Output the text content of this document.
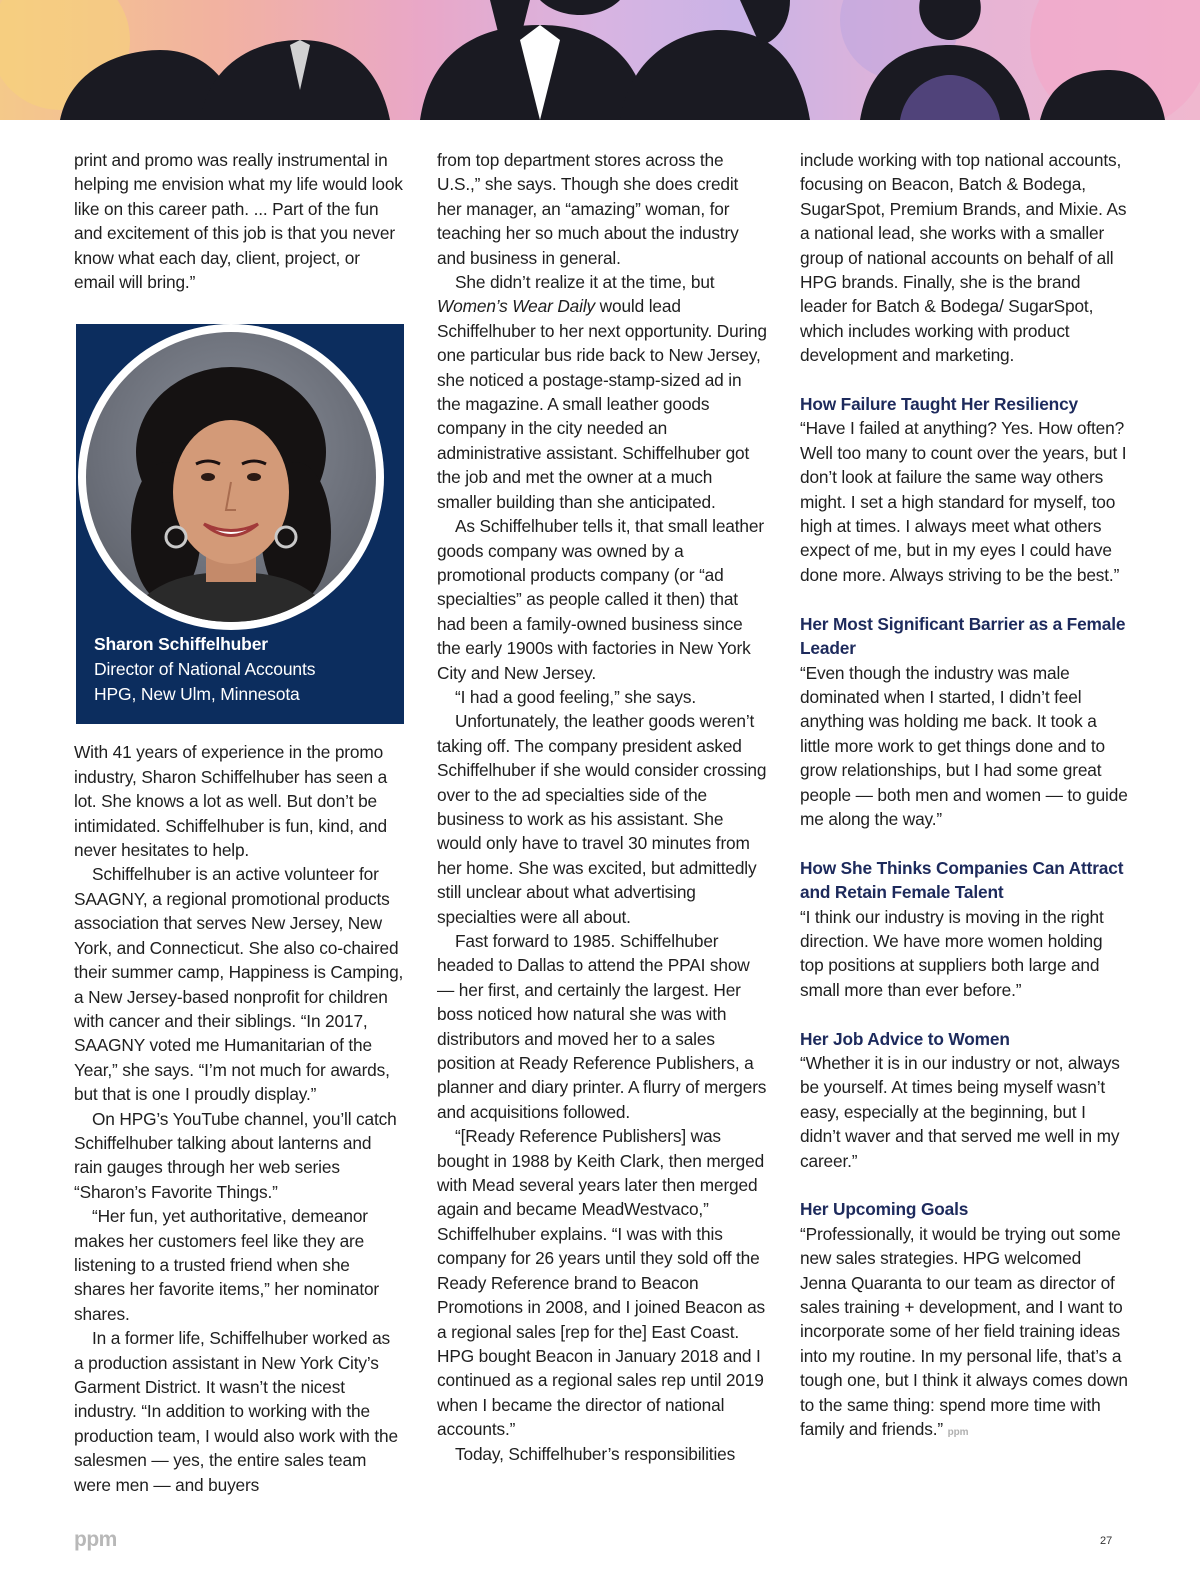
print and promo was really instrumental in helping me envision what my life would look like on this career path. ... Part of the fun and excitement of this job is that you never know what each day, client, project, or email will bring.”

Sharon Schiffelhuber
Director of National Accounts
HPG, New Ulm, Minnesota

With 41 years of experience in the promo industry, Sharon Schiffelhuber has seen a lot. She knows a lot as well. But don’t be intimidated. Schiffelhuber is fun, kind, and never hesitates to help.

Schiffelhuber is an active volunteer for SAAGNY, a regional promotional products association that serves New Jersey, New York, and Connecticut. She also co-chaired their summer camp, Happiness is Camping, a New Jersey-based nonprofit for children with cancer and their siblings. “In 2017, SAAGNY voted me Humanitarian of the Year,” she says. “I’m not much for awards, but that is one I proudly display.”

On HPG’s YouTube channel, you’ll catch Schiffelhuber talking about lanterns and rain gauges through her web series “Sharon’s Favorite Things.”

“Her fun, yet authoritative, demeanor makes her customers feel like they are listening to a trusted friend when she shares her favorite items,” her nominator shares.

In a former life, Schiffelhuber worked as a production assistant in New York City’s Garment District. It wasn’t the nicest industry. “In addition to working with the production team, I would also work with the salesmen — yes, the entire sales team were men — and buyers

from top department stores across the U.S.,” she says. Though she does credit her manager, an “amazing” woman, for teaching her so much about the industry and business in general.

She didn’t realize it at the time, but Women’s Wear Daily would lead Schiffelhuber to her next opportunity. During one particular bus ride back to New Jersey, she noticed a postage-stamp-sized ad in the magazine. A small leather goods company in the city needed an administrative assistant. Schiffelhuber got the job and met the owner at a much smaller building than she anticipated.

As Schiffelhuber tells it, that small leather goods company was owned by a promotional products company (or “ad specialties” as people called it then) that had been a family-owned business since the early 1900s with factories in New York City and New Jersey.

“I had a good feeling,” she says.

Unfortunately, the leather goods weren’t taking off. The company president asked Schiffelhuber if she would consider crossing over to the ad specialties side of the business to work as his assistant. She would only have to travel 30 minutes from her home. She was excited, but admittedly still unclear about what advertising specialties were all about.

Fast forward to 1985. Schiffelhuber headed to Dallas to attend the PPAI show — her first, and certainly the largest. Her boss noticed how natural she was with distributors and moved her to a sales position at Ready Reference Publishers, a planner and diary printer. A flurry of mergers and acquisitions followed.

“[Ready Reference Publishers] was bought in 1988 by Keith Clark, then merged with Mead several years later then merged again and became MeadWestvaco,” Schiffelhuber explains. “I was with this company for 26 years until they sold off the Ready Reference brand to Beacon Promotions in 2008, and I joined Beacon as a regional sales [rep for the] East Coast. HPG bought Beacon in January 2018 and I continued as a regional sales rep until 2019 when I became the director of national accounts.”

Today, Schiffelhuber’s responsibilities

include working with top national accounts, focusing on Beacon, Batch & Bodega, SugarSpot, Premium Brands, and Mixie. As a national lead, she works with a smaller group of national accounts on behalf of all HPG brands. Finally, she is the brand leader for Batch & Bodega/ SugarSpot, which includes working with product development and marketing.

How Failure Taught Her Resiliency

“Have I failed at anything? Yes. How often? Well too many to count over the years, but I don’t look at failure the same way others might. I set a high standard for myself, too high at times. I always meet what others expect of me, but in my eyes I could have done more. Always striving to be the best.”

Her Most Significant Barrier as a Female Leader

“Even though the industry was male dominated when I started, I didn’t feel anything was holding me back. It took a little more work to get things done and to grow relationships, but I had some great people — both men and women — to guide me along the way.”

How She Thinks Companies Can Attract and Retain Female Talent

“I think our industry is moving in the right direction. We have more women holding top positions at suppliers both large and small more than ever before.”

Her Job Advice to Women

“Whether it is in our industry or not, always be yourself. At times being myself wasn’t easy, especially at the beginning, but I didn’t waver and that served me well in my career.”

Her Upcoming Goals

“Professionally, it would be trying out some new sales strategies. HPG welcomed Jenna Quaranta to our team as director of sales training + development, and I want to incorporate some of her field training ideas into my routine. In my personal life, that’s a tough one, but I think it always comes down to the same thing: spend more time with family and friends.” ppm

ppm	27
